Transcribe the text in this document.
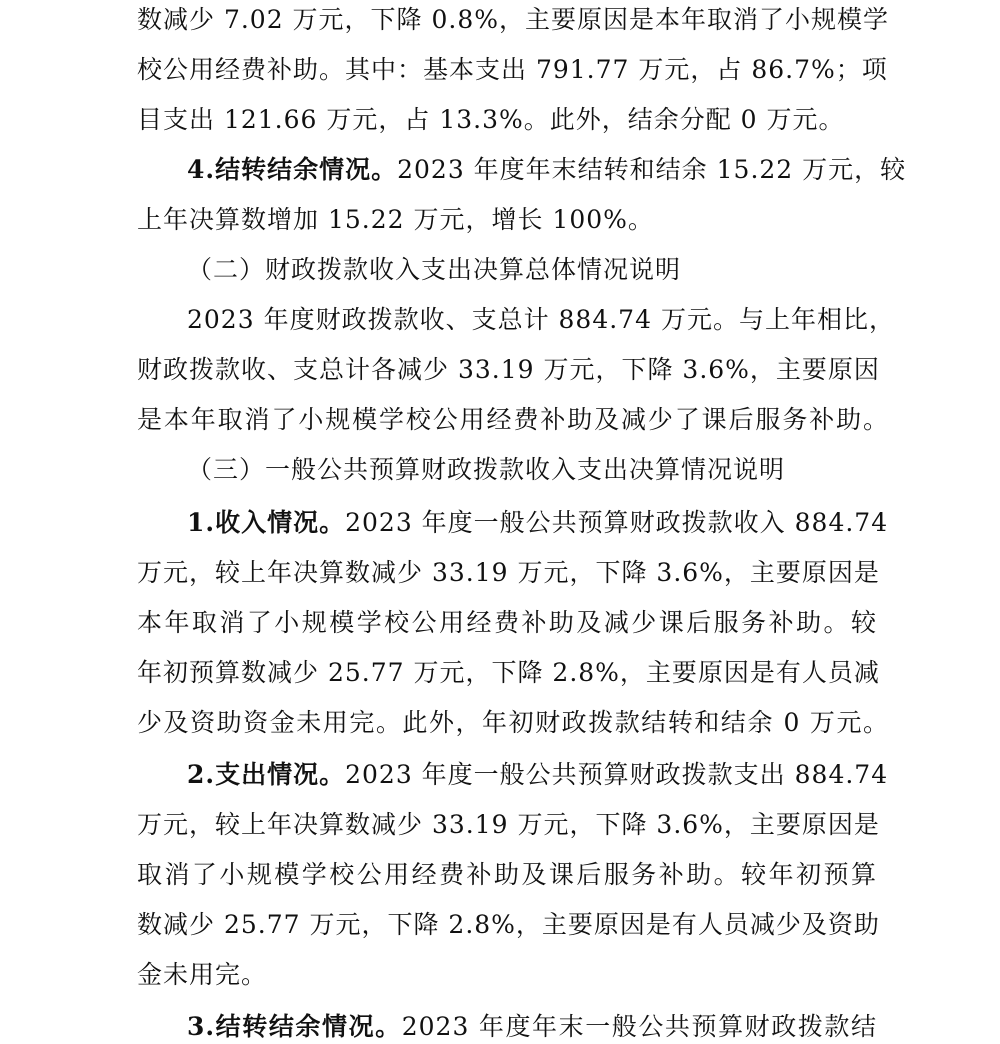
数减少 7.02 万元，下降 0.8%，主要原因是本年取消了小规模学
校公用经费补助。其中：基本支出 791.77 万元，占 86.7%；项
目支出 121.66 万元，占 13.3%。此外，结余分配 0 万元。
4.结转结余情况。2023 年度年末结转和结余 15.22 万元，较
上年决算数增加 15.22 万元，增长 100%。
（二）财政拨款收入支出决算总体情况说明
2023 年度财政拨款收、支总计 884.74 万元。与上年相比，
财政拨款收、支总计各减少 33.19 万元，下降 3.6%，主要原因
是本年取消了小规模学校公用经费补助及减少了课后服务补助。
（三）一般公共预算财政拨款收入支出决算情况说明
1.收入情况。2023 年度一般公共预算财政拨款收入 884.74
万元，较上年决算数减少 33.19 万元，下降 3.6%，主要原因是
本年取消了小规模学校公用经费补助及减少课后服务补助。较
年初预算数减少 25.77 万元，下降 2.8%，主要原因是有人员减
少及资助资金未用完。此外，年初财政拨款结转和结余 0 万元。
2.支出情况。2023 年度一般公共预算财政拨款支出 884.74
万元，较上年决算数减少 33.19 万元，下降 3.6%，主要原因是
取消了小规模学校公用经费补助及课后服务补助。较年初预算
数减少 25.77 万元，下降 2.8%，主要原因是有人员减少及资助
金未用完。
3.结转结余情况。2023 年度年末一般公共预算财政拨款结
